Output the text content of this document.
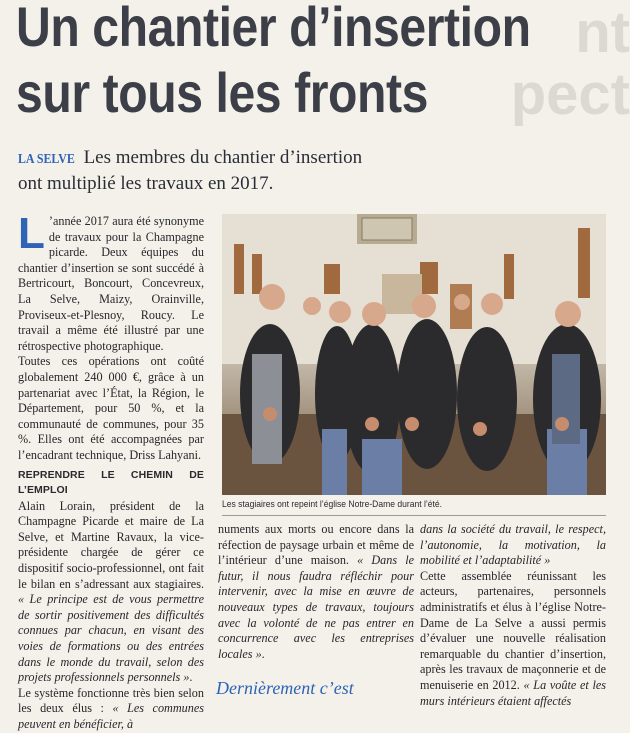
nt
pect
Un chantier d’insertion
sur tous les fronts
LA SELVE Les membres du chantier d’insertion
ont multiplié les travaux en 2017.

L ’année 2017 aura été synonyme de travaux pour la Champagne picarde. Deux équipes du chantier d’insertion se sont succédé à Bertricourt, Boncourt, Concevreux, La Selve, Maizy, Orainville, Proviseux-et-Plesnoy, Roucy. Le travail a même été illustré par une rétrospective photographique.

Toutes ces opérations ont coûté globalement 240 000 €, grâce à un partenariat avec l’État, la Région, le Département, pour 50 %, et la communauté de communes, pour 35 %. Elles ont été accompagnées par l’encadrant technique, Driss Lahyani.

REPRENDRE LE CHEMIN DE L’EMPLOI

Alain Lorain, président de la Champagne Picarde et maire de La Selve, et Martine Ravaux, la vice-présidente chargée de gérer ce dispositif socio-professionnel, ont fait le bilan en s’adressant aux stagiaires. « Le principe est de vous permettre de sortir positivement des difficultés connues par chacun, en visant des voies de formations ou des entrées dans le monde du travail, selon des projets professionnels personnels ».

Le système fonctionne très bien selon les deux élus : « Les communes peuvent en bénéficier, à

Les stagiaires ont repeint l’église Notre-Dame durant l’été.

numents aux morts ou encore dans la réfection de paysage urbain et même de l’intérieur d’une maison. « Dans le futur, il nous faudra réfléchir pour intervenir, avec la mise en œuvre de nouveaux types de travaux, toujours avec la volonté de ne pas entrer en concurrence avec les entreprises locales ».

Dernièrement c’est

dans la société du travail, le respect, l’autonomie, la motivation, la mobilité et l’adaptabilité »

Cette assemblée réunissant les acteurs, partenaires, personnels administratifs et élus à l’église Notre-Dame de La Selve a aussi permis d’évaluer une nouvelle réalisation remarquable du chantier d’insertion, après les travaux de maçonnerie et de menuiserie en 2012. « La voûte et les murs intérieurs étaient affectés
